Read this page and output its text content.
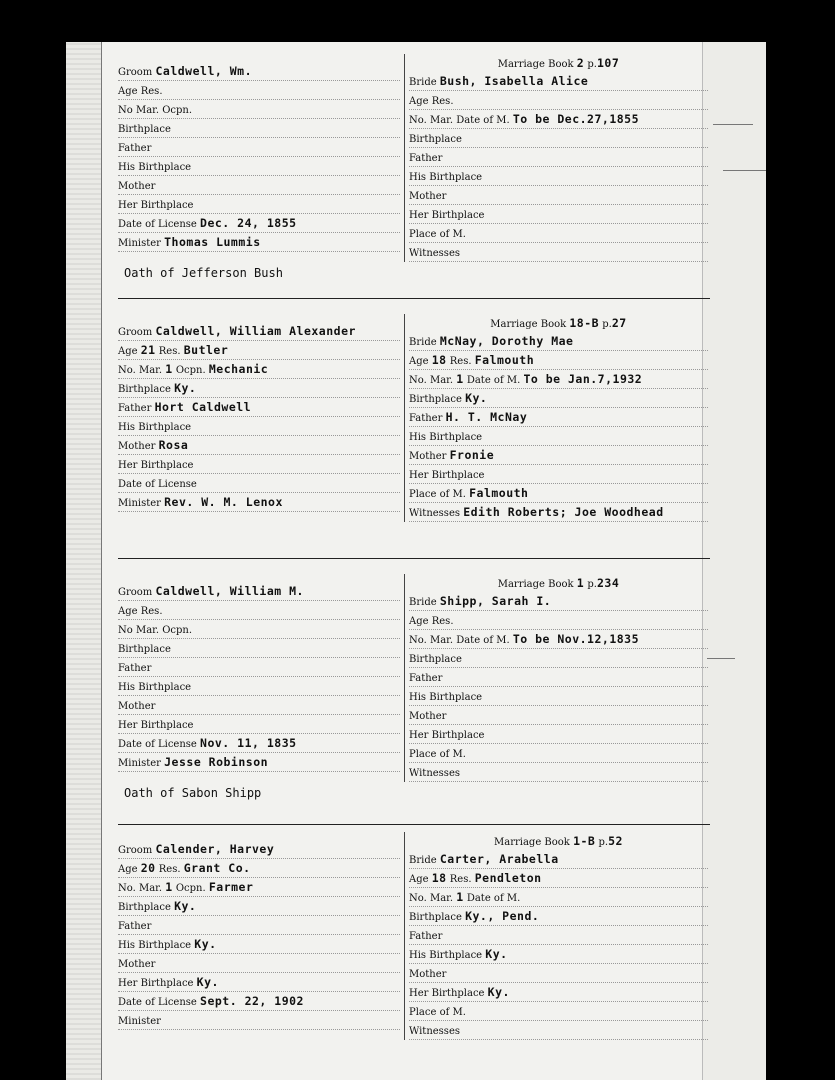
Groom Caldwell, Wm.
Age Res.
No Mar. Ocpn.
Birthplace
Father
His Birthplace
Mother
Her Birthplace
Date of License Dec. 24, 1855
Minister Thomas Lummis
Marriage Book 2 p.107
Bride Bush, Isabella Alice
Age Res.
No. Mar. Date of M. To be Dec.27,1855
Birthplace
Father
His Birthplace
Mother
Her Birthplace
Place of M.
Witnesses
Oath of Jefferson Bush
Groom Caldwell, William Alexander
Age 21 Res. Butler
No. Mar. 1 Ocpn. Mechanic
Birthplace Ky.
Father Hort Caldwell
His Birthplace
Mother Rosa
Her Birthplace
Date of License
Minister Rev. W. M. Lenox
Marriage Book 18-B p.27
Bride McNay, Dorothy Mae
Age 18 Res. Falmouth
No. Mar. 1 Date of M. To be Jan.7,1932
Birthplace Ky.
Father H. T. McNay
His Birthplace
Mother Fronie
Her Birthplace
Place of M. Falmouth
Witnesses Edith Roberts; Joe Woodhead
Groom Caldwell, William M.
Age Res.
No Mar. Ocpn.
Birthplace
Father
His Birthplace
Mother
Her Birthplace
Date of License Nov. 11, 1835
Minister Jesse Robinson
Marriage Book 1 p.234
Bride Shipp, Sarah I.
Age Res.
No. Mar. Date of M. To be Nov.12,1835
Birthplace
Father
His Birthplace
Mother
Her Birthplace
Place of M.
Witnesses
Oath of Sabon Shipp
Groom Calender, Harvey
Age 20 Res. Grant Co.
No. Mar. 1 Ocpn. Farmer
Birthplace Ky.
Father
His Birthplace Ky.
Mother
Her Birthplace Ky.
Date of License Sept. 22, 1902
Minister
Marriage Book 1-B p.52
Bride Carter, Arabella
Age 18 Res. Pendleton
No. Mar. 1 Date of M.
Birthplace Ky., Pend.
Father
His Birthplace Ky.
Mother
Her Birthplace Ky.
Place of M.
Witnesses
